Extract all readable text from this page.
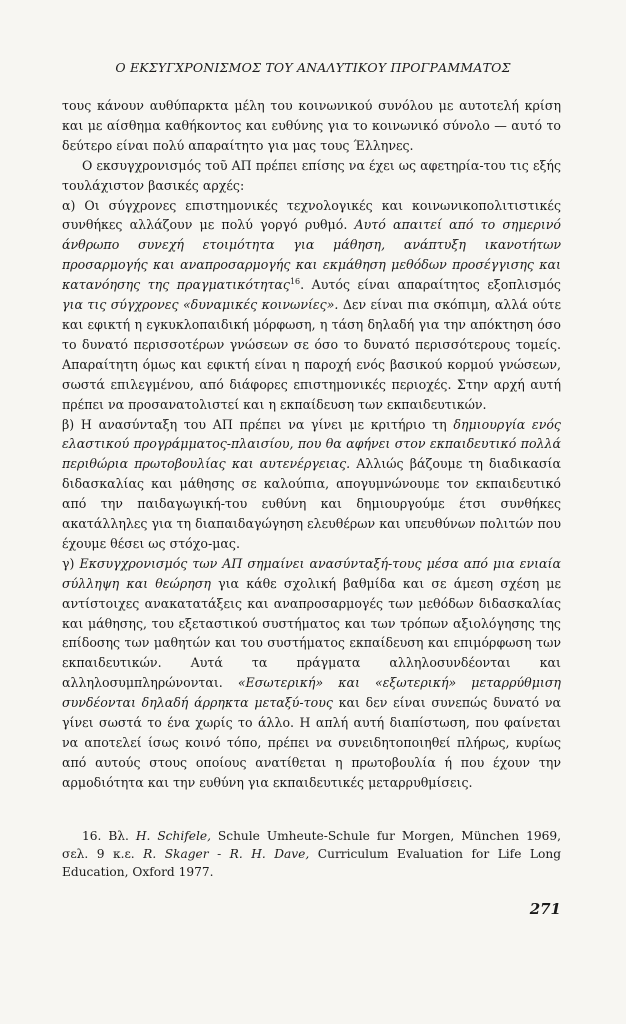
Ο ΕΚΣΥΓΧΡΟΝΙΣΜΟΣ ΤΟΥ ΑΝΑΛΥΤΙΚΟΥ ΠΡΟΓΡΑΜΜΑΤΟΣ

τους κάνουν αυθύπαρκτα μέλη του κοινωνικού συνόλου με αυτοτελή κρίση και με αίσθημα καθήκοντος και ευθύνης για το κοινωνικό σύνολο — αυτό το δεύτερο είναι πολύ απαραίτητο για μας τους Έλληνες.

Ο εκσυγχρονισμός τοῦ ΑΠ πρέπει επίσης να έχει ως αφετηρία-του τις εξής τουλάχιστον βασικές αρχές:

α) Οι σύγχρονες επιστημονικές τεχνολογικές και κοινωνικοπολιτιστικές συνθήκες αλλάζουν με πολύ γοργό ρυθμό. Αυτό απαιτεί από το σημερινό άνθρωπο συνεχή ετοιμότητα για μάθηση, ανάπτυξη ικανοτήτων προσαρμογής και αναπροσαρμογής και εκμάθηση μεθόδων προσέγγισης και κατανόησης της πραγματικότητας$^{16}$. Αυτός είναι απαραίτητος εξοπλισμός για τις σύγχρονες «δυναμικές κοινωνίες». Δεν είναι πια σκόπιμη, αλλά ούτε και εφικτή η εγκυκλοπαιδική μόρφωση, η τάση δηλαδή για την απόκτηση όσο το δυνατό περισσοτέρων γνώσεων σε όσο το δυνατό περισσότερους τομείς. Απαραίτητη όμως και εφικτή είναι η παροχή ενός βασικού κορμού γνώσεων, σωστά επιλεγμένου, από διάφορες επιστημονικές περιοχές. Στην αρχή αυτή πρέπει να προσανατολιστεί και η εκπαίδευση των εκπαιδευτικών.

β) Η ανασύνταξη του ΑΠ πρέπει να γίνει με κριτήριο τη δημιουργία ενός ελαστικού προγράμματος-πλαισίου, που θα αφήνει στον εκπαιδευτικό πολλά περιθώρια πρωτοβουλίας και αυτενέργειας. Αλλιώς βάζουμε τη διαδικασία διδασκαλίας και μάθησης σε καλούπια, απογυμνώνουμε τον εκπαιδευτικό από την παιδαγωγική-του ευθύνη και δημιουργούμε έτσι συνθήκες ακατάλληλες για τη διαπαιδαγώγηση ελευθέρων και υπευθύνων πολιτών που έχουμε θέσει ως στόχο-μας.

γ) Εκσυγχρονισμός των ΑΠ σημαίνει ανασύνταξή-τους μέσα από μια ενιαία σύλληψη και θεώρηση για κάθε σχολική βαθμίδα και σε άμεση σχέση με αντίστοιχες ανακατατάξεις και αναπροσαρμογές των μεθόδων διδασκαλίας και μάθησης, του εξεταστικού συστήματος και των τρόπων αξιολόγησης της επίδοσης των μαθητών και του συστήματος εκπαίδευση και επιμόρφωση των εκπαιδευτικών. Αυτά τα πράγματα αλληλοσυνδέονται και αλληλοσυμπληρώνονται. «Εσωτερική» και «εξωτερική» μεταρρύθμιση συνδέονται δηλαδή άρρηκτα μεταξύ-τους και δεν είναι συνεπώς δυνατό να γίνει σωστά το ένα χωρίς το άλλο. Η απλή αυτή διαπίστωση, που φαίνεται να αποτελεί ίσως κοινό τόπο, πρέπει να συνειδητοποιηθεί πλήρως, κυρίως από αυτούς στους οποίους ανατίθεται η πρωτοβουλία ή που έχουν την αρμοδιότητα και την ευθύνη για εκπαιδευτικές μεταρρυθμίσεις.

16. Βλ. H. Schifele, Schule Umheute-Schule fur Morgen, München 1969, σελ. 9 κ.ε. R. Skager - R. H. Dave, Curriculum Evaluation for Life Long Education, Oxford 1977.

271
